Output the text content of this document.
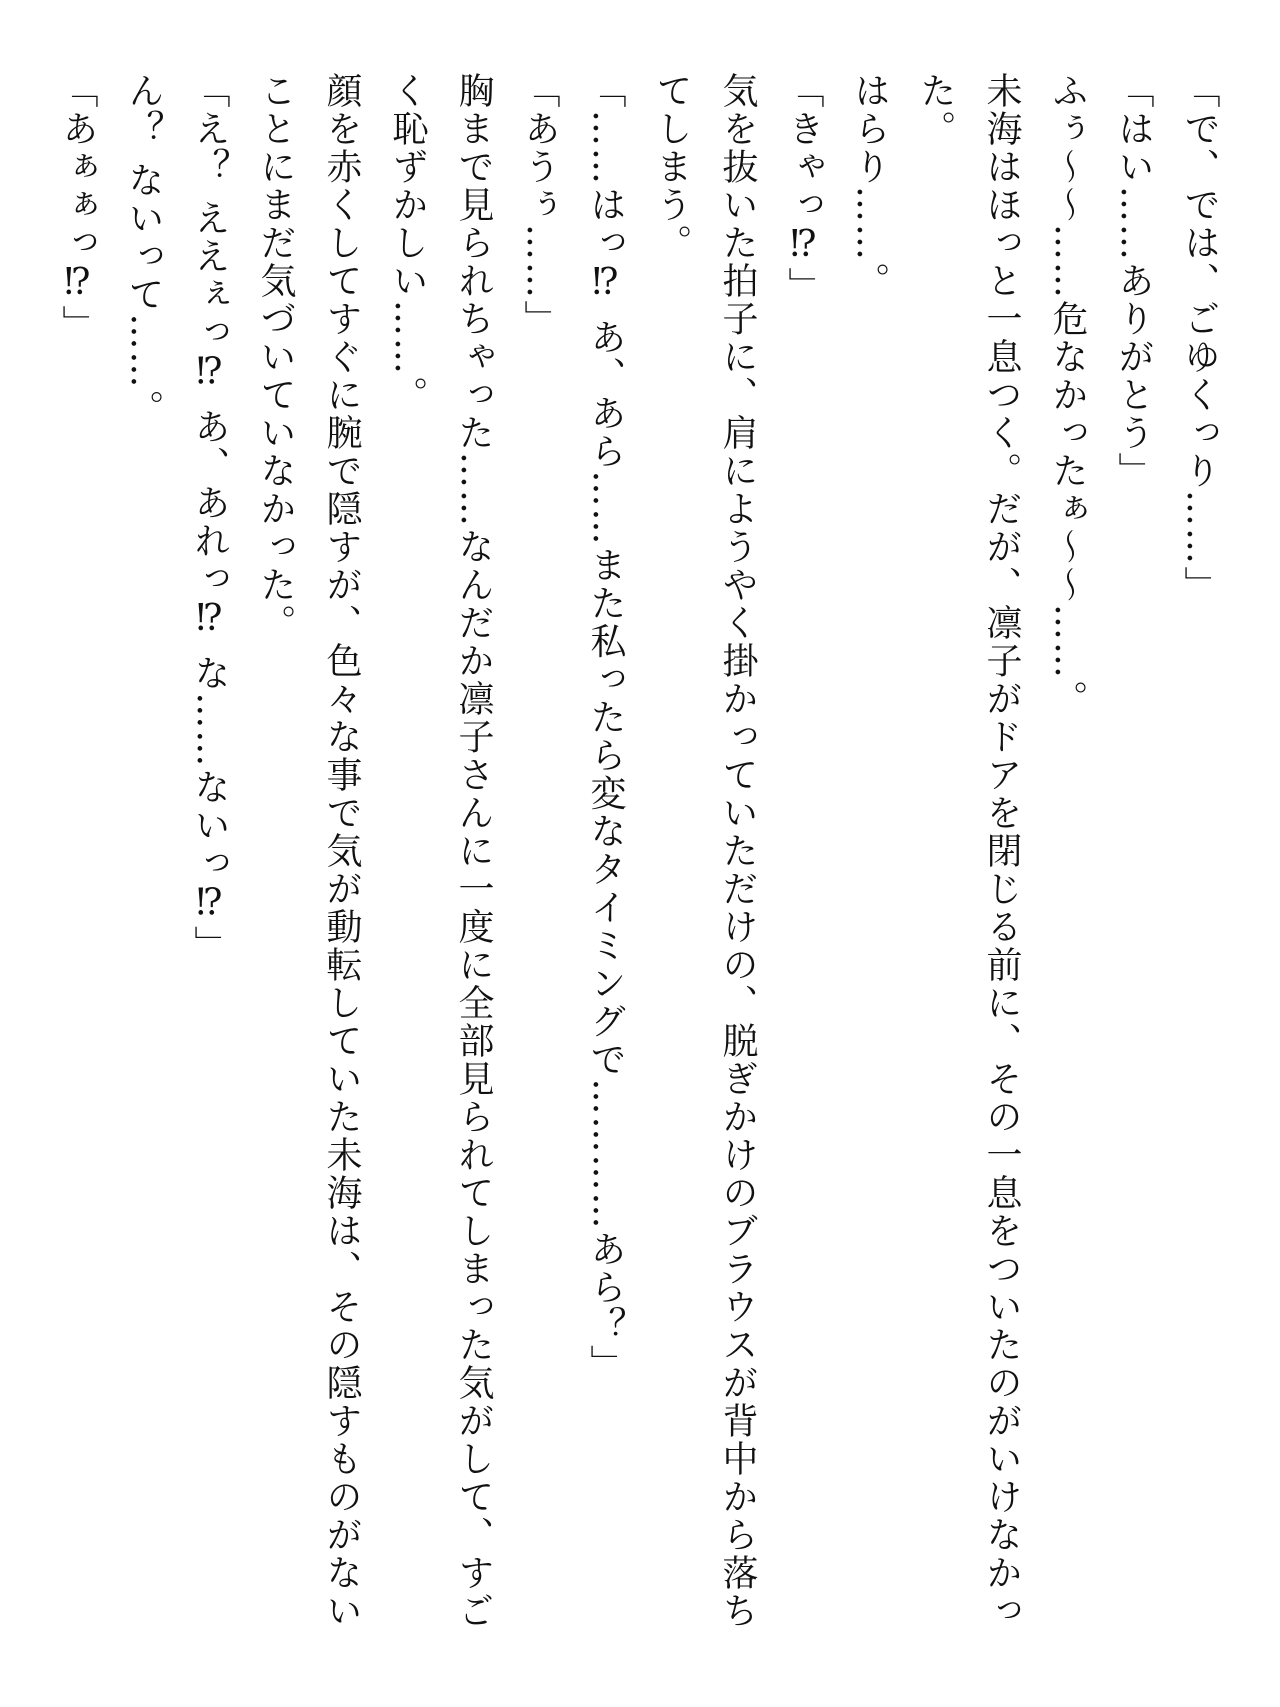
「で、では、ごゆくっり……」
「はい……ありがとう」
ふぅ〜〜……危なかったぁ〜〜……。
未海はほっと一息つく。だが、凛子がドアを閉じる前に、その一息をついたのがいけなかった。
はらり……。
「きゃっ⁉」
気を抜いた拍子に、肩にようやく掛かっていただけの、脱ぎかけのブラウスが背中から落ちてしまう。
「……はっ⁉ あ、あら……また私ったら変なタイミングで…………あら？」
「あうぅ……」
胸まで見られちゃった……なんだか凛子さんに一度に全部見られてしまった気がして、すごく恥ずかしい……。
顔を赤くしてすぐに腕で隠すが、色々な事で気が動転していた未海は、その隠すものがないことにまだ気づいていなかった。
「え？ ええぇっ⁉ あ、あれっ⁉ な……ないっ⁉」
ん？ ないって……。
「あぁぁっ⁉」
